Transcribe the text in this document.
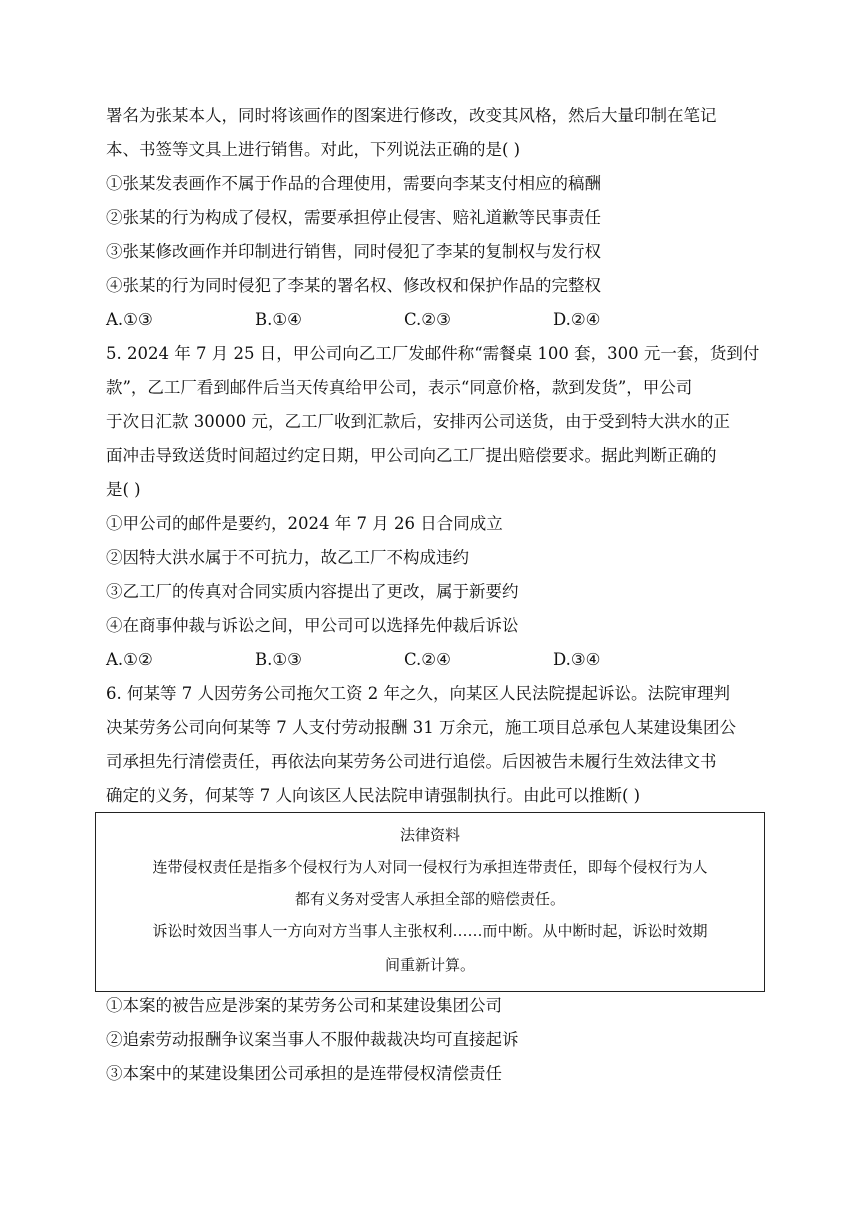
署名为张某本人，同时将该画作的图案进行修改，改变其风格，然后大量印制在笔记
本、书签等文具上进行销售。对此，下列说法正确的是( )
①张某发表画作不属于作品的合理使用，需要向李某支付相应的稿酬
②张某的行为构成了侵权，需要承担停止侵害、赔礼道歉等民事责任
③张某修改画作并印制进行销售，同时侵犯了李某的复制权与发行权
④张某的行为同时侵犯了李某的署名权、修改权和保护作品的完整权
A.①③	B.①④	C.②③	D.②④
5. 2024 年 7 月 25 日，甲公司向乙工厂发邮件称“需餐桌 100 套，300 元一套，货到付
款”，乙工厂看到邮件后当天传真给甲公司，表示“同意价格，款到发货”，甲公司
于次日汇款 30000 元，乙工厂收到汇款后，安排丙公司送货，由于受到特大洪水的正
面冲击导致送货时间超过约定日期，甲公司向乙工厂提出赔偿要求。据此判断正确的
是( )
①甲公司的邮件是要约，2024 年 7 月 26 日合同成立
②因特大洪水属于不可抗力，故乙工厂不构成违约
③乙工厂的传真对合同实质内容提出了更改，属于新要约
④在商事仲裁与诉讼之间，甲公司可以选择先仲裁后诉讼
A.①②	B.①③	C.②④	D.③④
6. 何某等 7 人因劳务公司拖欠工资 2 年之久，向某区人民法院提起诉讼。法院审理判
决某劳务公司向何某等 7 人支付劳动报酬 31 万余元，施工项目总承包人某建设集团公
司承担先行清偿责任，再依法向某劳务公司进行追偿。后因被告未履行生效法律文书
确定的义务，何某等 7 人向该区人民法院申请强制执行。由此可以推断( )
法律资料
连带侵权责任是指多个侵权行为人对同一侵权行为承担连带责任，即每个侵权行为人
都有义务对受害人承担全部的赔偿责任。
诉讼时效因当事人一方向对方当事人主张权利……而中断。从中断时起，诉讼时效期
间重新计算。
①本案的被告应是涉案的某劳务公司和某建设集团公司
②追索劳动报酬争议案当事人不服仲裁裁决均可直接起诉
③本案中的某建设集团公司承担的是连带侵权清偿责任
